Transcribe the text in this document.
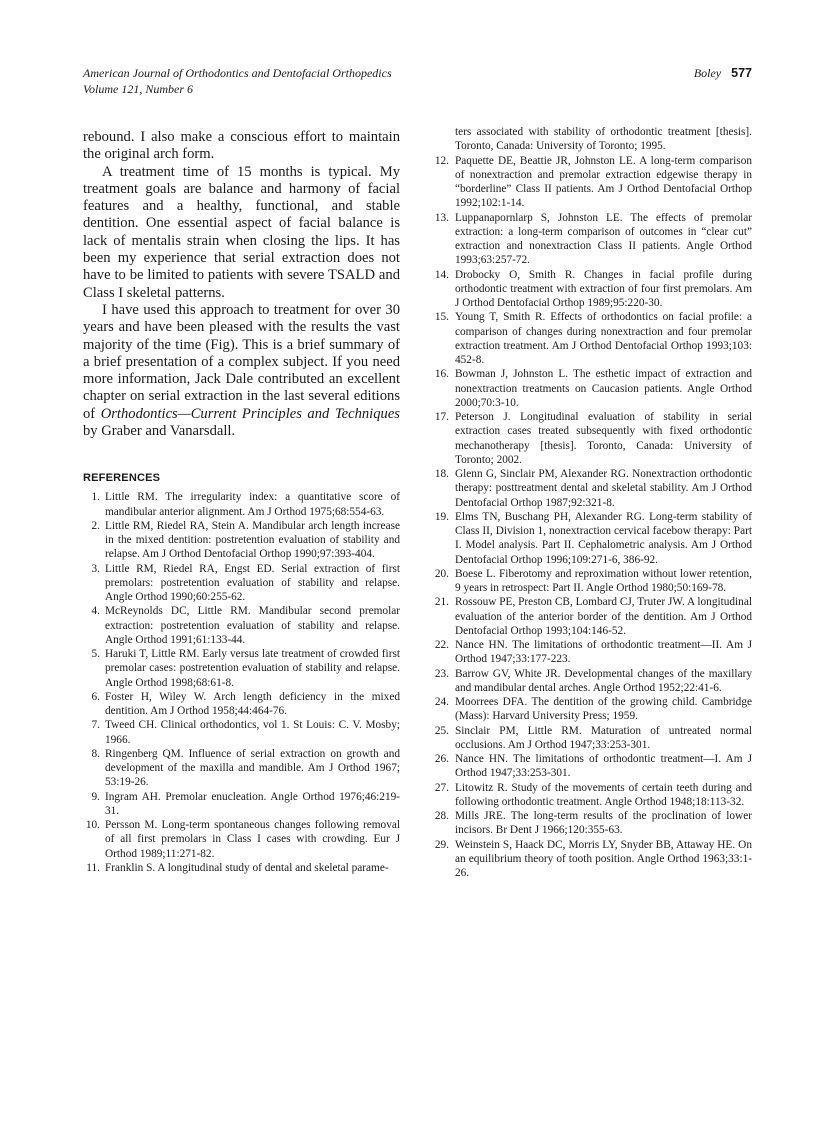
American Journal of Orthodontics and Dentofacial Orthopedics
Volume 121, Number 6
Boley 577

rebound. I also make a conscious effort to maintain the original arch form.

A treatment time of 15 months is typical. My treatment goals are balance and harmony of facial features and a healthy, functional, and stable dentition. One essential aspect of facial balance is lack of mentalis strain when closing the lips. It has been my experience that serial extraction does not have to be limited to patients with severe TSALD and Class I skeletal patterns.

I have used this approach to treatment for over 30 years and have been pleased with the results the vast majority of the time (Fig). This is a brief summary of a brief presentation of a complex subject. If you need more information, Jack Dale contributed an excellent chapter on serial extraction in the last several editions of Orthodontics—Current Principles and Techniques by Graber and Vanarsdall.

REFERENCES
1. Little RM. The irregularity index: a quantitative score of mandibular anterior alignment. Am J Orthod 1975;68:554-63.
2. Little RM, Riedel RA, Stein A. Mandibular arch length increase in the mixed dentition: postretention evaluation of stability and relapse. Am J Orthod Dentofacial Orthop 1990;97:393-404.
3. Little RM, Riedel RA, Engst ED. Serial extraction of first premolars: postretention evaluation of stability and relapse. Angle Orthod 1990;60:255-62.
4. McReynolds DC, Little RM. Mandibular second premolar extraction: postretention evaluation of stability and relapse. Angle Orthod 1991;61:133-44.
5. Haruki T, Little RM. Early versus late treatment of crowded first premolar cases: postretention evaluation of stability and relapse. Angle Orthod 1998;68:61-8.
6. Foster H, Wiley W. Arch length deficiency in the mixed dentition. Am J Orthod 1958;44:464-76.
7. Tweed CH. Clinical orthodontics, vol 1. St Louis: C. V. Mosby; 1966.
8. Ringenberg QM. Influence of serial extraction on growth and development of the maxilla and mandible. Am J Orthod 1967; 53:19-26.
9. Ingram AH. Premolar enucleation. Angle Orthod 1976;46:219-31.
10. Persson M. Long-term spontaneous changes following removal of all first premolars in Class I cases with crowding. Eur J Orthod 1989;11:271-82.
11. Franklin S. A longitudinal study of dental and skeletal parame-
ters associated with stability of orthodontic treatment [thesis]. Toronto, Canada: University of Toronto; 1995.
12. Paquette DE, Beattie JR, Johnston LE. A long-term comparison of nonextraction and premolar extraction edgewise therapy in “borderline” Class II patients. Am J Orthod Dentofacial Orthop 1992;102:1-14.
13. Luppanapornlarp S, Johnston LE. The effects of premolar extraction: a long-term comparison of outcomes in “clear cut” extraction and nonextraction Class II patients. Angle Orthod 1993;63:257-72.
14. Drobocky O, Smith R. Changes in facial profile during orthodontic treatment with extraction of four first premolars. Am J Orthod Dentofacial Orthop 1989;95:220-30.
15. Young T, Smith R. Effects of orthodontics on facial profile: a comparison of changes during nonextraction and four premolar extraction treatment. Am J Orthod Dentofacial Orthop 1993;103: 452-8.
16. Bowman J, Johnston L. The esthetic impact of extraction and nonextraction treatments on Caucasion patients. Angle Orthod 2000;70:3-10.
17. Peterson J. Longitudinal evaluation of stability in serial extraction cases treated subsequently with fixed orthodontic mechanotherapy [thesis]. Toronto, Canada: University of Toronto; 2002.
18. Glenn G, Sinclair PM, Alexander RG. Nonextraction orthodontic therapy: posttreatment dental and skeletal stability. Am J Orthod Dentofacial Orthop 1987;92:321-8.
19. Elms TN, Buschang PH, Alexander RG. Long-term stability of Class II, Division 1, nonextraction cervical facebow therapy: Part I. Model analysis. Part II. Cephalometric analysis. Am J Orthod Dentofacial Orthop 1996;109:271-6, 386-92.
20. Boese L. Fiberotomy and reproximation without lower retention, 9 years in retrospect: Part II. Angle Orthod 1980;50:169-78.
21. Rossouw PE, Preston CB, Lombard CJ, Truter JW. A longitudinal evaluation of the anterior border of the dentition. Am J Orthod Dentofacial Orthop 1993;104:146-52.
22. Nance HN. The limitations of orthodontic treatment—II. Am J Orthod 1947;33:177-223.
23. Barrow GV, White JR. Developmental changes of the maxillary and mandibular dental arches. Angle Orthod 1952;22:41-6.
24. Moorrees DFA. The dentition of the growing child. Cambridge (Mass): Harvard University Press; 1959.
25. Sinclair PM, Little RM. Maturation of untreated normal occlusions. Am J Orthod 1947;33:253-301.
26. Nance HN. The limitations of orthodontic treatment—I. Am J Orthod 1947;33:253-301.
27. Litowitz R. Study of the movements of certain teeth during and following orthodontic treatment. Angle Orthod 1948;18:113-32.
28. Mills JRE. The long-term results of the proclination of lower incisors. Br Dent J 1966;120:355-63.
29. Weinstein S, Haack DC, Morris LY, Snyder BB, Attaway HE. On an equilibrium theory of tooth position. Angle Orthod 1963;33:1-26.
